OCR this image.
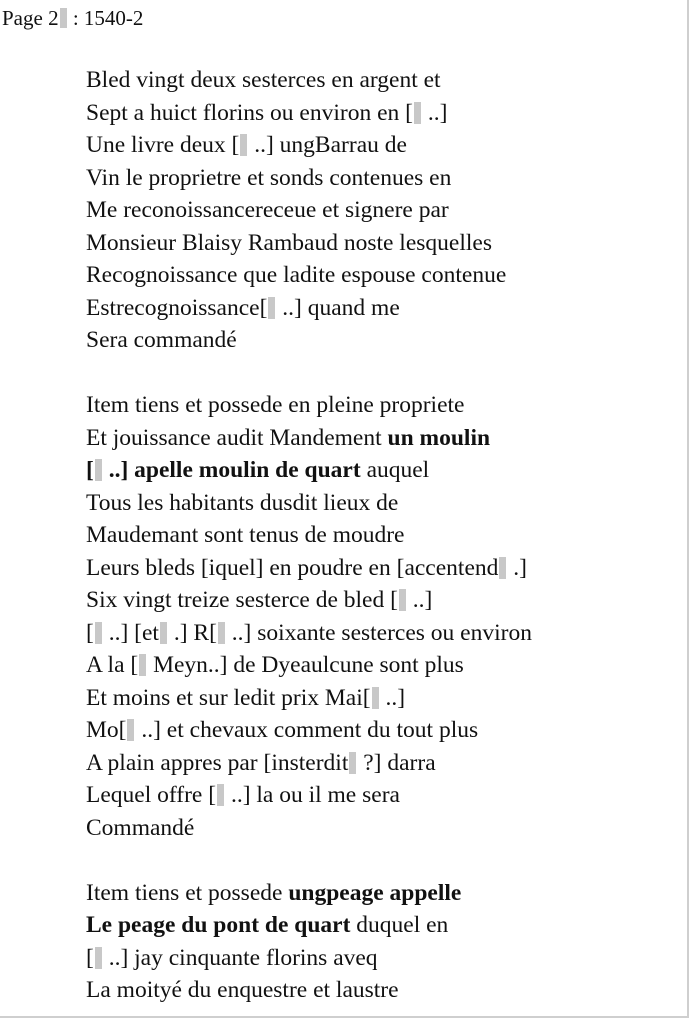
Page 2 : 1540-2
Bled vingt deux sesterces en argent et
Sept a huict florins ou environ en [ ..]
Une livre deux [ ..] ungBarrau de
Vin le proprietre et sonds contenues en
Me reconoissancereceue et signere par
Monsieur Blaisy Rambaud noste lesquelles
Recognoissance que ladite espouse contenue
Estrecognoissance[ ..] quand me
Sera commandé
Item tiens et possede en pleine propriete
Et jouissance audit Mandement un moulin
[ ..] apelle moulin de quart auquel
Tous les habitants dusdit lieux de
Maudemant sont tenus de moudre
Leurs bleds [iquel] en poudre en [accentend .]
Six vingt treize sesterce de bled [ ..]
[ ..] [et .] R[ ..] soixante sesterces ou environ
A la [ Meyn..] de Dyeaulcune sont plus
Et moins et sur ledit prix Mai[ ..]
Mo[ ..] et chevaux comment du tout plus
A plain appres par [insterdit ?] darra
Lequel offre [ ..] la ou il me sera
Commandé
Item tiens et possede ungpeage appelle
Le peage du pont de quart duquel en
[ ..] jay cinquante florins aveq
La moityé du enquestre et laustre
